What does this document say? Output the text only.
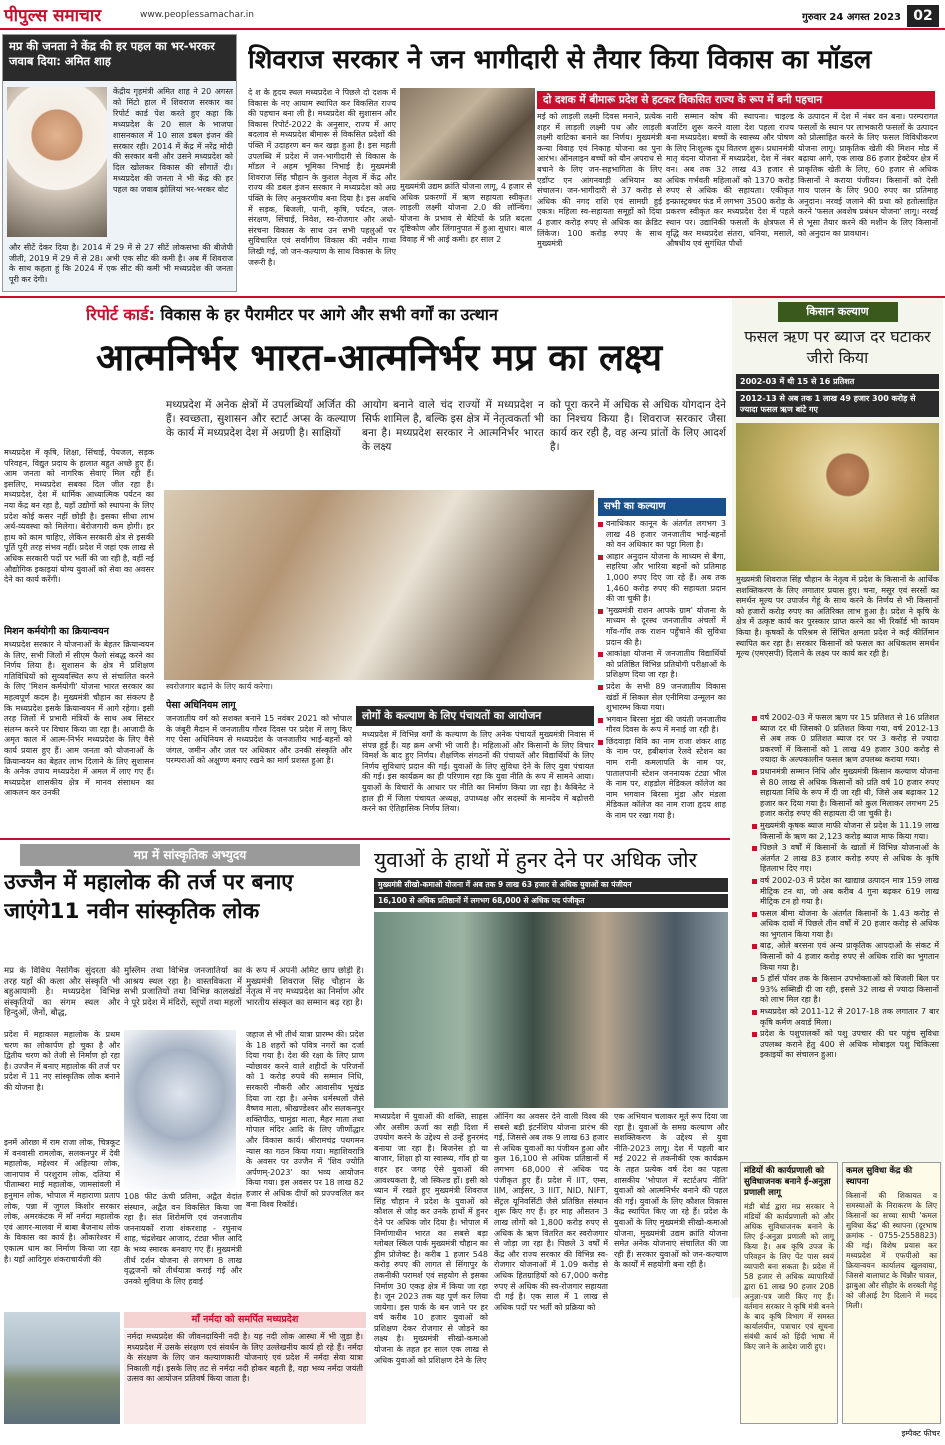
पीपुल्स समाचार	www.peoplessamachar.in	गुरुवार 24 अगस्त 2023 02
मप्र की जनता ने केंद्र की हर पहल का भर-भरकर जवाब दिया: अमित शाह
केंद्रीय गृहमंत्री अमित शाह ने 20 अगस्त को मिंटो हाल में शिवराज सरकार का रिपोर्ट कार्ड पेश करते हुए कहा कि मध्यप्रदेश के 20 साल के भाजपा शासनकाल में 10 साल डबल इंजन की सरकार रही। 2014 में केंद्र में नरेंद्र मोदी की सरकार बनी और उसने मध्यप्रदेश को दिल खोलकर विकास की सौगातें दी। मध्यप्रदेश की जनता ने भी केंद्र की हर पहल का जवाब झोलियां भर-भरकर वोट
और सीटें देकर दिया है। 2014 में 29 में से 27 सीटें लोकसभा की बीजेपी जीती, 2019 में 29 में से 28। अभी एक सीट की कमी है। अब मैं शिवराज के साथ कहता हूं कि 2024 में एक सीट की कमी भी मध्यप्रदेश की जनता पूरी कर देगी।
शिवराज सरकार ने जन भागीदारी से तैयार किया विकास का मॉडल
दे श के हृदय स्थल मध्यप्रदेश ने पिछले दो दशक में विकास के नए आयाम स्थापित कर विकसित राज्य की पहचान बना ली है। मध्यप्रदेश की सुशासन और विकास रिपोर्ट-2022 के अनुसार, राज्य में आए बदलाव से मध्यप्रदेश बीमारू से विकसित प्रदेशों की पंक्ति में उदाहरण बन कर खड़ा हुआ है। इस महती उपलब्धि में प्रदेश में जन-भागीदारी से विकास के मॉडल ने अहम भूमिका निभाई है। मुख्यमंत्री शिवराज सिंह चौहान के कुशल नेतृत्व में केंद्र और राज्य की डबल इंजन सरकार ने मध्यप्रदेश को अग्र पंक्ति के लिए अनुकरणीय बना दिया है। इस अवधि में सड़क, बिजली, पानी, कृषि, पर्यटन, जल-संरक्षण, सिंचाई, निवेश, स्व-रोजगार और अधो-संरचना विकास के साथ उन सभी पहलुओं पर सुविचारित एवं सर्वांगीण विकास की नवीन गाथा लिखी गई, जो जन-कल्याण के साथ विकास के लिए जरूरी है।
दो दशक में बीमारू प्रदेश से हटकर विकसित राज्य के रूप में बनी पहचान
मुख्यमंत्री उद्यम क्रांति योजना लागू, 4 हजार से अधिक प्रकरणों में ऋण सहायता स्वीकृत। लाड़ली लक्ष्मी योजना 2.0 की लॉन्चिंग। योजना के प्रभाव से बेटियों के प्रति बदला दृष्टिकोण और लिंगानुपात में हुआ सुधार। बाल विवाह में भी आई कमी। हर साल 2
मई को लाड़ली लक्ष्मी दिवस मनाने, प्रत्येक शहर में लाड़ली लक्ष्मी पथ और लाड़ली लक्ष्मी वाटिका बनाने का निर्णय। मुख्यमंत्री कन्या विवाह एवं निकाह योजना का पुनः आरंभ। ऑनलाइन बच्चों को यौन अपराध से बचाने के लिए जन-सहभागिता के लिए एडॉप्ट एन आंगनवाड़ी अभियान का संचालन। जन-भागीदारी से 37 करोड़ से अधिक की नगद राशि एवं सामग्री हुई एकत्र। महिला स्व-सहायता समूहों को दिया 4 हजार करोड़ रुपए से अधिक का क्रेडिट लिंकेज। 100 करोड़ रुपए के साथ मुख्यमंत्री
नारी सम्मान कोष की स्थापना। चाइल्ड बजटिंग शुरू करने वाला देश पहला राज्य बना मध्यप्रदेश। बच्चों के स्वास्थ्य और पोषण के लिए निःशुल्क दूध वितरण शुरू। प्रधानमंत्री मातृ वंदना योजना में मध्यप्रदेश, देश में नंबर वन। अब तक 32 लाख 43 हजार से अधिक गर्भवती महिलाओं को 1370 करोड़ रुपए से अधिक की सहायता। एकीकृत इन्फ्रास्ट्रक्चर फंड में लगभग 3500 करोड़ के प्रकरण स्वीकृत कर मध्यप्रदेश देश में पहले स्थान पर। उद्यानिकी फसलों के क्षेत्रफल में वृद्धि कर मध्यप्रदेश संतरा, धनिया, मसाले, औषधीय एवं सुगंधित पौधों
के उत्पादन में देश में नंबर वन बना। परम्परागत फसलों के स्थान पर लाभकारी फसलों के उत्पादन को प्रोत्साहित करने के लिए फसल विविधीकरण योजना लागू। प्राकृतिक खेती की मिशन मोड में बढ़ाया आगे, एक लाख 86 हजार हेक्टेयर क्षेत्र में प्राकृतिक खेती के लिए, 60 हजार से अधिक किसानों ने कराया पंजीयन। किसानों को देसी गाय पालन के लिए 900 रुपए का प्रतिमाह अनुदान। नरवई जलाने की प्रथा को हतोत्साहित करने 'फसल अवशेष प्रबंधन योजना' लागू। नरवई से भूसा तैयार करने की मशीन के लिए किसानों को अनुदान का प्रावधान।
रिपोर्ट कार्ड: विकास के हर पैरामीटर पर आगे और सभी वर्गों का उत्थान
आत्मनिर्भर भारत-आत्मनिर्भर मप्र का लक्ष्य
मध्यप्रदेश में कृषि, शिक्षा, सिंचाई, पेयजल, सड़क परिवहन, विद्युत प्रदाय के हालात बहुत अच्छे हुए हैं। आम जनता को नागरिक सेवाएं मिल रही हैं। इसलिए, मध्यप्रदेश सबका दिल जीत रहा है। मध्यप्रदेश, देश में धार्मिक आध्यात्मिक पर्यटन का नया केंद्र बन रहा है, यहाँ उद्योगों को स्थापना के लिए प्रदेश कोई कसर नहीं छोड़ी है। इसका सीधा लाभ अर्थ-व्यवस्था को मिलेगा। बेरोजगारी कम होगी। हर हाथ को काम चाहिए, लेकिन सरकारी क्षेत्र से इसकी पूर्ति पूरी तरह संभव नहीं। प्रदेश में जहां एक लाख से अधिक सरकारी पदों पर भर्ती की जा रही है, वहीं नई औद्योगिक इकाइयां योग्य युवाओं को सेवा का अवसर देने का कार्य करेंगी।
मिशन कर्मयोगी का क्रियान्वयन
मध्यप्रदेश सरकार ने योजनाओं के बेहतर क्रियान्वयन के लिए, सभी जिलों में सीएम फैलो संबद्ध करने का निर्णय लिया है। सुशासन के क्षेत्र में प्रशिक्षण गतिविधियों को सुव्यवस्थित रूप से संचालित करने के लिए 'मिशन कर्मयोगी' योजना भारत सरकार का महत्वपूर्ण कदम है। मुख्यमंत्री चौहान का संकल्प है कि मध्यप्रदेश इसके क्रियान्वयन में आगे रहेगा। इसी तरह जिलों में प्रभारी मंत्रियों के साथ अब सिस्टर संलग्न करने पर विचार किया जा रहा है। आजादी के अमृत काल में आत्म-निर्भर मध्यप्रदेश के लिए वैसे कार्य प्रयास हुए हैं। आम जनता को योजनाओं के क्रियान्वयन का बेहतर लाभ दिलाने के लिए सुशासन के अनेक उपाय मध्यप्रदेश में अमल में लाए गए हैं। मध्यप्रदेश शासकीय क्षेत्र में मानव संसाधन का आकलन कर उनकी
मध्यप्रदेश में अनेक क्षेत्रों में उपलब्धियाँ अर्जित की हैं। स्वच्छता, सुशासन और स्टार्ट अप्स के कल्याण के कार्य में मध्यप्रदेश देश में अग्रणी है। साक्षियों
आयोग बनाने वाले चंद राज्यों में मध्यप्रदेश न सिर्फ शामिल है, बल्कि इस क्षेत्र में नेतृत्वकर्ता भी बना है। मध्यप्रदेश सरकार ने आत्मनिर्भर भारत के लक्ष्य
को पूरा करने में अधिक से अधिक योगदान देने का निश्चय किया है। शिवराज सरकार जैसा कार्य कर रही है, वह अन्य प्रांतों के लिए आदर्श है।
स्वरोजगार बढ़ाने के लिए कार्य करेगा।
पेसा अधिनियम लागू
जनजातीय वर्ग को सशक्त बनाने 15 नवंबर 2021 को भोपाल के जंबूरी मैदान में जनजातीय गौरव दिवस पर प्रदेश में लागू किए गए पेसा अधिनियम से मध्यप्रदेश के जनजातीय भाई-बहनों को जंगल, जमीन और जल पर अधिकार और उनकी संस्कृति और परम्पराओं को अक्षुण्ण बनाए रखने का मार्ग प्रशस्त हुआ है।
लोगों के कल्याण के लिए पंचायतों का आयोजन
मध्यप्रदेश में विभिन्न वर्गों के कल्याण के लिए अनेक पंचायतें मुख्यमंत्री निवास में संपन्न हुई हैं। यह क्रम अभी भी जारी है। महिलाओं और किसानों के लिए विचार विमर्श के बाद हुए निर्णय। शैक्षणिक संगठनों की पंचायतें और विद्यार्थियों के लिए निर्णय सुविधाएं प्रदान की गईं। युवाओं के लिए सुविधा देने के लिए युवा पंचायत की गई। इस कार्यक्रम का ही परिणाम रहा कि युवा नीति के रूप में सामने आया। युवाओं के विचारों के आधार पर नीति का निर्माण किया जा रहा है। कैबिनेट ने हाल ही में जिला पंचायत अध्यक्ष, उपाध्यक्ष और सदस्यों के मानदेय में बढ़ोत्तरी करने का ऐतिहासिक निर्णय लिया।
सभी का कल्याण

वनाधिकार कानून के अंतर्गत लगभग 3 लाख 48 हजार जनजातीय भाई-बहनों को वन अधिकार का पट्टा मिला है।

आहार अनुदान योजना के माध्यम से बैगा, सहरिया और भारिया बहनों को प्रतिमाह 1,000 रुपए दिए जा रहे हैं। अब तक 1,460 करोड़ रुपए की सहायता प्रदान की जा चुकी है।

'मुख्यमंत्री राशन आपके ग्राम' योजना के माध्यम से दूरस्थ जनजातीय अंचलों में गाँव-गाँव तक राशन पहुँचाने की सुविधा प्रदान की है।

आकांक्षा योजना में जनजातीय विद्यार्थियों को प्रतिष्ठित विभिन्न प्रतियोगी परीक्षाओं के प्रशिक्षण दिया जा रहा है।

प्रदेश के सभी 89 जनजातीय विकास खंडों में सिकल सेल एनीमिया उन्मूलन का शुभारम्भ किया गया।

भगवान बिरसा मुंडा की जयंती जनजातीय गौरव दिवस के रूप में मनाई जा रही है।

छिंदवाड़ा विवि का नाम राजा शंकर शाह के नाम पर, हबीबगंज रेलवे स्टेशन का नाम रानी कमलापति के नाम पर, पातालपानी स्टेशन जननायक टंट्या भील के नाम पर, शहडोल मेडिकल कॉलेज का नाम भगवान बिरसा मुंडा और मंडला मेडिकल कॉलेज का नाम राजा हृदय शाह के नाम पर रखा गया है।

किसान कल्याण
फसल ऋण पर ब्याज दर घटाकर जीरो किया
2002-03 में थी 15 से 16 प्रतिशत
2012-13 से अब तक 1 लाख 49 हजार 300 करोड़ से ज्यादा फसल ऋण बांटे गए
मुख्यमंत्री शिवराज सिंह चौहान के नेतृत्व में प्रदेश के किसानों के आर्थिक सशक्तिकरण के लिए लगातार प्रयास हुए। चना, मसूर एवं सरसों का समर्थन मूल्य पर उपार्जन गेहूं के साथ करने के निर्णय से भी किसानों को हजारों करोड़ रुपए का अतिरिक्त लाभ हुआ है। प्रदेश ने कृषि के क्षेत्र में उत्कृष्ट कार्य कर पुरस्कार प्राप्त करने का भी रिकॉर्ड भी कायम किया है। कृषकों के परिश्रम से सिंचित क्षमता प्रदेश ने कई कीर्तिमान स्थापित कर रहा है। सरकार किसानों को फसल का अधिकतम समर्थन मूल्य (एमएसपी) दिलाने के लक्ष्य पर कार्य कर रही है।

वर्ष 2002-03 में फसल ऋण पर 15 प्रतिशत से 16 प्रतिशत ब्याज दर थी जिसको 0 प्रतिशत किया गया, वर्ष 2012-13 से अब तक 0 प्रतिशत ब्याज दर पर 3 करोड़ से ज्यादा प्रकरणों में किसानों को 1 लाख 49 हजार 300 करोड़ से ज्यादा के अल्पकालीन फसल ऋण उपलब्ध कराया गया।

प्रधानमंत्री सम्मान निधि और मुख्यमंत्री किसान कल्याण योजना से 80 लाख से अधिक किसानों को प्रति वर्ष 10 हजार रुपए सहायता निधि के रूप में दी जा रही थी, जिसे अब बढ़ाकर 12 हजार कर दिया गया है। किसानों को कुल मिलाकर लगभग 25 हजार करोड़ रुपए की सहायता दी जा चुकी है।

मुख्यमंत्री कृषक ब्याज माफी योजना से प्रदेश के 11.19 लाख किसानों के ऋण का 2,123 करोड़ ब्याज माफ किया गया।

पिछले 3 वर्षों में किसानों के खातों में विभिन्न योजनाओं के अंतर्गत 2 लाख 83 हजार करोड़ रुपए से अधिक के कृषि हितलाभ दिए गए।

वर्ष 2002-03 में प्रदेश का खाद्यान्न उत्पादन मात्र 159 लाख मीट्रिक टन था, जो अब करीब 4 गुना बढ़कर 619 लाख मीट्रिक टन हो गया है।

फसल बीमा योजना के अंतर्गत किसानों के 1.43 करोड़ से अधिक दावों में पिछले तीन वर्षों में 20 हजार करोड़ से अधिक का भुगतान किया गया है।

बाढ़, ओले बरसना एवं अन्य प्राकृतिक आपदाओं के संकट में किसानों को 4 हजार करोड़ रुपए से अधिक राशि का भुगतान किया गया है।

5 हॉर्स पॉवर तक के किसान उपभोक्ताओं को बिजली बिल पर 93% सब्सिडी दी जा रही, इससे 32 लाख से ज्यादा किसानों को लाभ मिल रहा है।

मध्यप्रदेश को 2011-12 से 2017-18 तक लगातार 7 बार कृषि कर्मण अवार्ड मिला।

प्रदेश के पशुपालकों को पशु उपचार की घर पहुंच सुविधा उपलब्ध कराने हेतु 400 से अधिक मोबाइल पशु चिकित्सा इकाइयों का संचालन हुआ।

मंडियों की कार्यप्रणाली को सुविधाजनक बनाने ई-अनुज्ञा प्रणाली लागू
मंडी बोर्ड द्वारा मप्र सरकार ने मंडियों की कार्यप्रणाली को और अधिक सुविधाजनक बनाने के लिए ई-अनुज्ञा प्रणाली को लागू किया है। अब कृषि उपज के परिवहन के लिए पेंट पास स्वयं व्यापारी बना सकता है। प्रदेश में 58 हजार से अधिक व्यापारियों द्वारा 61 लाख 90 हजार 208 अनुज्ञा-पत्र जारी किए गए हैं। वर्तमान सरकार ने कृषि मंत्री बनने के बाद कृषि विभाग में समस्त कार्यालयीन, पत्राचार एवं सूचना संबंधी कार्य को हिंदी भाषा में किए जाने के आदेश जारी हुए।
कमल सुविधा केंद्र की स्थापना
किसानों की शिकायत व समस्याओं के निराकरण के लिए किसानों का सच्चा साथी 'कमल सुविधा केंद्र' की स्थापना (दूरभाष क्रमांक - 0755-2558823) की गई। विशेष प्रयास कर मध्यप्रदेश में एफपीओ का क्रियान्वयन कार्यालय खुलवाया, जिससे बालाघाट के चिन्नौर चावल, झाबुआ और सीहोर के शरबती गेहूं को जीआई टैग दिलाने में मदद मिली।
मप्र में सांस्कृतिक अभ्युदय
उज्जैन में महालोक की तर्ज पर बनाए जाएंगे11 नवीन सांस्कृतिक लोक
मप्र के विविध नैसर्गिक सुंदरता की तरह यहाँ की कला और संस्कृति भी बहुआयामी है। मध्यप्रदेश विभिन्न संस्कृतियों का संगम स्थल और हिन्दुओं, जैनों, बौद्ध,
मुस्लिम तथा विभिन्न जनजातियों का आश्रय स्थल रहा है। वास्तविकता में सभी प्रजातियों तथा विभिन्न कालखंडों ने पूरे प्रदेश में मंदिरों, स्तूपों तथा महलों
के रूप में अपनी अमिट छाप छोड़ी है। मुख्यमंत्री शिवराज सिंह चौहान के नेतृत्व में नए मध्यप्रदेश का निर्माण और भारतीय संस्कृत का सम्मान बढ़ रहा है।
प्रदेश में महाकाल महालोक के प्रथम चरण का लोकार्पण हो चुका है और द्वितीय चरण को तेजी से निर्माण हो रहा है। उज्जैन में बनाए महालोक की तर्ज पर प्रदेश में 11 नए सांस्कृतिक लोक बनाने की योजना है।
इनमें ओरछा में राम राजा लोक, चित्रकूट में वनवासी रामलोक, सलकनपुर में देवी महालोक, महेश्वर में अहिल्या लोक, जानापाव में परशुराम लोक, दतिया में पीताम्बरा माई महालोक, जामसांवली में हनुमान लोक, भोपाल में महाराणा प्रताप लोक, पन्ना में जुगल किशोर सरकार लोक, अमरकंटक में माँ नर्मदा महालोक एवं आगर-मालवा में बाबा बैजनाथ लोक के विकास का कार्य है। ओंकारेश्वर में एकात्म धाम का निर्माण किया जा रहा है। यहाँ आदिगुरु शंकराचार्यजी की
108 फीट ऊंची प्रतिमा, अद्वैत वेदांत संस्थान, अद्वैत वन विकसित किया जा रहा है। संत शिरोमणि एवं जनजातीय जननायकों राजा शंकरशाह - रघुनाथ शाह, चंद्रशेखर आजाद, टंट्या भील आदि के भव्य स्मारक बनवाए गए हैं। मुख्यमंत्री तीर्थ दर्शन योजना से लगभग 8 लाख वृद्धजनों को तीर्थयात्रा कराई गई और उनको सुविधा के लिए हवाई
जहाज से भी तीर्थ यात्रा प्रारम्भ की। प्रदेश के 18 शहरों को पवित्र नगरों का दर्जा दिया गया है। देश की रक्षा के लिए प्राण न्योछावर करने वाले शहीदों के परिजनों को 1 करोड़ रुपये की सम्मान निधि, सरकारी नौकरी और आवासीय भूखंड दिया जा रहा है। अनेक धर्मस्थलों जैसे वैष्णव माता, श्रीखण्डेश्वर और सलकनपुर शक्तिपीठ, चामुंडा माता, मैहर माता तथा गोपाल मंदिर आदि के लिए जीर्णोद्धार और विकास कार्य। श्रीरामचंद्र पथगमन न्यास का गठन किया गया। महाशिवरात्रि के अवसर पर उज्जैन में 'शिव ज्योति अर्पणम्-2023' का भव्य आयोजन किया गया। इस अवसर पर 18 लाख 82 हजार से अधिक दीपों को प्रज्ज्वलित कर बना विश्व रिकॉर्ड।
माँ नर्मदा को समर्पित मध्यप्रदेश
नर्मदा मध्यप्रदेश की जीवनदायिनी नदी है। यह नदी लोक आस्था में भी जुड़ा है। मध्यप्रदेश में उसके संरक्षण एवं संवर्धन के लिए उल्लेखनीय कार्य हो रहे हैं। नर्मदा के संरक्षण के लिए जन कल्याणकारी योजनाएं एवं प्रदेश में नर्मदा सेवा यात्रा निकाली गई। इसके लिए तट से नर्मदा नदी होकर बहती है, वहा भव्य नर्मदा जयंती उत्सव का आयोजन प्रतिवर्ष किया जाता है।
युवाओं के हाथों में हुनर देने पर अधिक जोर
मुख्यमंत्री सीखो-कमाओ योजना में अब तक 9 लाख 63 हजार से अधिक युवाओं का पंजीयन
16,100 से अधिक प्रतिष्ठानों में लगभग 68,000 से अधिक पद पंजीकृत
मध्यप्रदेश में युवाओं की शक्ति, साहस और असीम ऊर्जा का सही दिशा में उपयोग करने के उद्देश्य से उन्हें हुनरमंद बनाया जा रहा है। बिजनेस हो या बाजार, शिक्षा हो या स्वास्थ्य, गाँव हो या शहर हर जगह ऐसे युवाओं की आवश्यकता है, जो स्किल्ड हों। इसी को ध्यान में रखते हुए मुख्यमंत्री शिवराज सिंह चौहान ने प्रदेश के युवाओं को कौशल से जोड़ कर उनके हाथों में हुनर देने पर अधिक जोर दिया है। भोपाल में निर्माणाधीन भारत का सबसे बड़ा ग्लोबल स्किल पार्क मुख्यमंत्री चौहान का ड्रीम प्रोजेक्ट है। करीब 1 हजार 548 करोड़ रुपए की लागत से सिंगापुर के तकनीकी परामर्श एवं सहयोग से इसका निर्माण 30 एकड़ क्षेत्र में किया जा रहा है। जून 2023 तक यह पूर्ण कर लिया जायेगा। इस पार्क के बन जाने पर हर वर्ष करीब 10 हजार युवाओं को प्रशिक्षण देकर रोजगार से जोड़ने का लक्ष्य है। मुख्यमंत्री सीखो-कमाओ योजना के तहत हर साल एक लाख से अधिक युवाओं को प्रशिक्षण देने के लिए
ऑनिंग का अवसर देने वाली विश्व की सबसे बड़ी इंटर्नशिप योजना प्रारंभ की गई, जिससे अब तक 9 लाख 63 हजार से अधिक युवाओं का पंजीयन हुआ और कुल 16,100 से अधिक प्रतिष्ठानों में लगभग 68,000 से अधिक पद पंजीकृत हुए हैं। प्रदेश में IIT, एम्स, IIM, आईसर, 3 IIIT, NID, NIFT, सेंट्रल यूनिवर्सिटी जैसे प्रतिष्ठित संस्थान शुरू किए गए हैं। हर माह औसतन 3 लाख लोगों को 1,800 करोड़ रुपए से अधिक के ऋण वितरित कर स्वरोजगार से जोड़ा जा रहा है। पिछले 3 वर्षों में केंद्र और राज्य सरकार की विभिन्न स्व-रोजगार योजनाओं में 1.09 करोड़ से अधिक हितग्राहियों को 67,000 करोड़ रुपए से अधिक की स्व-रोजगार सहायता दी गई है। एक साल में 1 लाख से अधिक पदों पर भर्ती को प्रक्रिया को
एक अभियान चलाकर मूर्त रूप दिया जा रहा है। युवाओं के समग्र कल्याण और सशक्तिकरण के उद्देश्य से युवा नीति-2023 लागू। देश में पहली बार मई 2022 से तकनीकी एक कार्यक्रम के तहत प्रत्येक वर्ष देश का पहला शासकीय 'भोपाल में स्टार्टअप नीति' युवाओं को आत्मनिर्भर बनाने की पहल की गई। युवाओं के लिए कौशल विकास केंद्र स्थापित किए जा रहे हैं। प्रदेश के युवाओं के लिए मुख्यमंत्री सीखो-कमाओ योजना, मुख्यमंत्री उद्यम क्रांति योजना समेत अनेक योजनाएं संचालित की जा रही हैं। सरकार युवाओं को जन-कल्याण के कार्यों में सहयोगी बना रही है।
इम्पैक्ट फीचर
